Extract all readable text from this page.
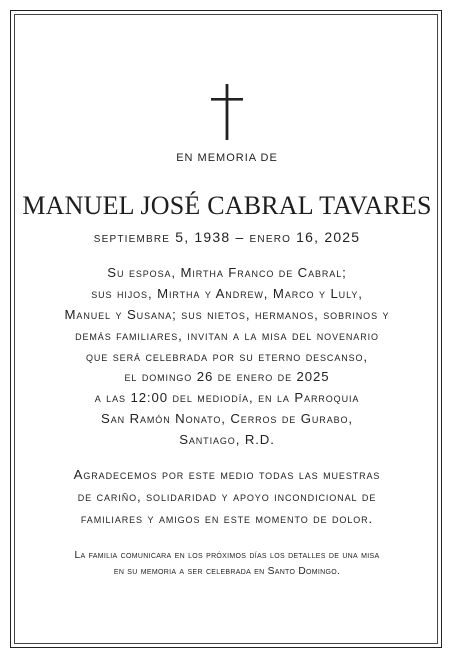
EN MEMORIA DE
MANUEL JOSÉ CABRAL TAVARES
septiembre 5, 1938 – enero 16, 2025
Su esposa, Mirtha Franco de Cabral;
sus hijos, Mirtha y Andrew, Marco y Luly,
Manuel y Susana; sus nietos, hermanos, sobrinos y
demás familiares, invitan a la misa del novenario
que será celebrada por su eterno descanso,
el domingo 26 de enero de 2025
a las 12:00 del mediodía, en la Parroquia
San Ramón Nonato, Cerros de Gurabo,
Santiago, R.D.
Agradecemos por este medio todas las muestras
de cariño, solidaridad y apoyo incondicional de
familiares y amigos en este momento de dolor.
La familia comunicara en los próximos días los detalles de una misa
en su memoria a ser celebrada en Santo Domingo.
